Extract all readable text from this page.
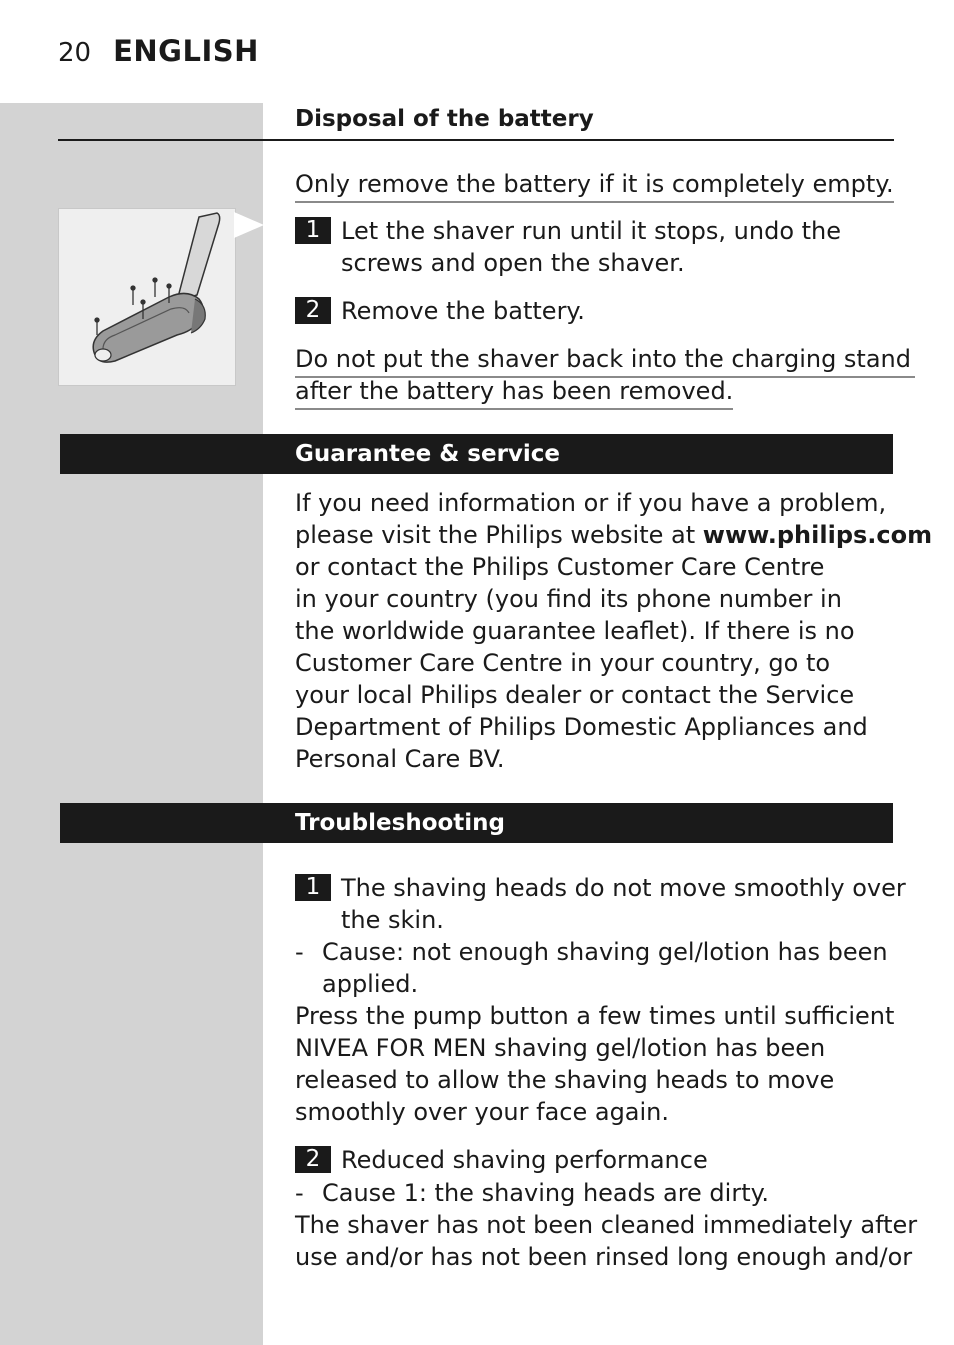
20 ENGLISH
Disposal of the battery
Only remove the battery if it is completely empty.
1 Let the shaver run until it stops, undo the
screws and open the shaver.
2 Remove the battery.
Do not put the shaver back into the charging stand
after the battery has been removed.
Guarantee & service
If you need information or if you have a problem,
please visit the Philips website at www.philips.com
or contact the Philips Customer Care Centre
in your country (you find its phone number in
the worldwide guarantee leaflet). If there is no
Customer Care Centre in your country, go to
your local Philips dealer or contact the Service
Department of Philips Domestic Appliances and
Personal Care BV.
Troubleshooting
1 The shaving heads do not move smoothly over
the skin.
- Cause: not enough shaving gel/lotion has been
applied.
Press the pump button a few times until sufficient
NIVEA FOR MEN shaving gel/lotion has been
released to allow the shaving heads to move
smoothly over your face again.
2 Reduced shaving performance
- Cause 1: the shaving heads are dirty.
The shaver has not been cleaned immediately after
use and/or has not been rinsed long enough and/or
